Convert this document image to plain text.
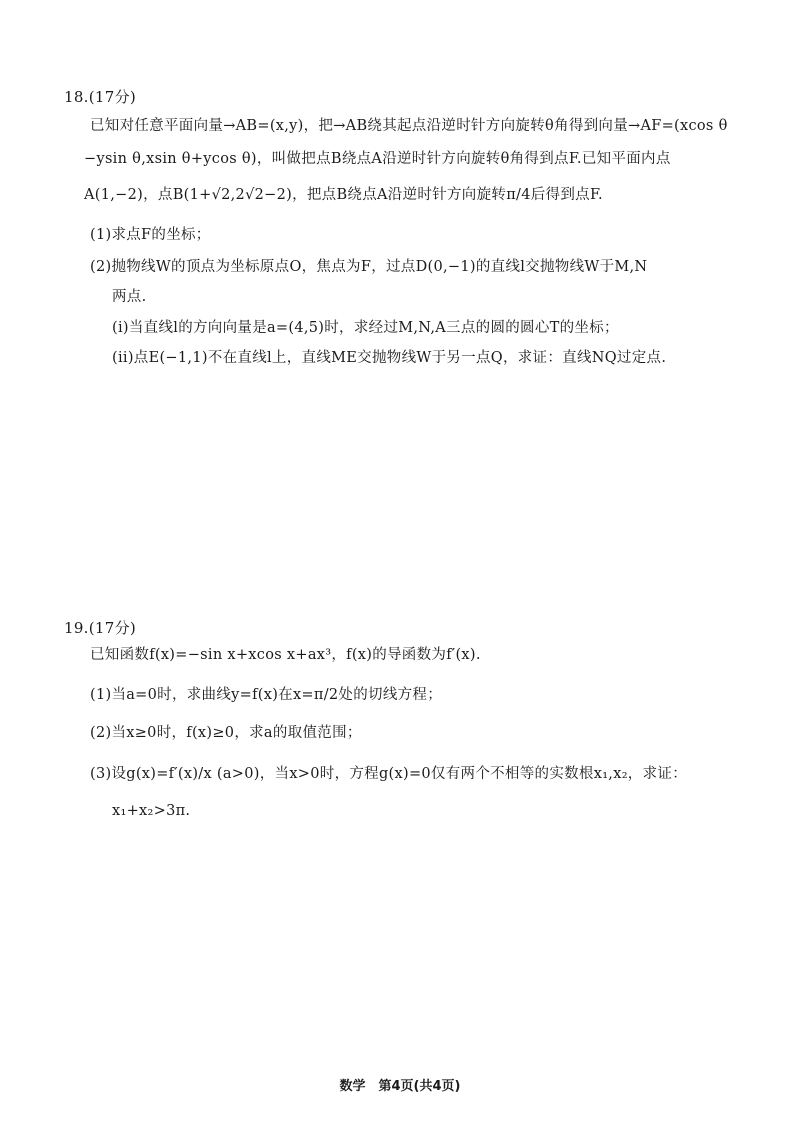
18.(17分)
已知对任意平面向量→AB=(x,y)，把→AB绕其起点沿逆时针方向旋转θ角得到向量→AF=(xcos θ
−ysin θ,xsin θ+ycos θ)，叫做把点B绕点A沿逆时针方向旋转θ角得到点F.已知平面内点
A(1,−2)，点B(1+√2,2√2−2)，把点B绕点A沿逆时针方向旋转π/4后得到点F.
(1)求点F的坐标；
(2)抛物线W的顶点为坐标原点O，焦点为F，过点D(0,−1)的直线l交抛物线W于M,N
两点.
(i)当直线l的方向向量是a=(4,5)时，求经过M,N,A三点的圆的圆心T的坐标；
(ii)点E(−1,1)不在直线l上，直线ME交抛物线W于另一点Q，求证：直线NQ过定点.
19.(17分)
已知函数f(x)=−sin x+xcos x+ax³，f(x)的导函数为f′(x).
(1)当a=0时，求曲线y=f(x)在x=π/2处的切线方程；
(2)当x≥0时，f(x)≥0，求a的取值范围；
(3)设g(x)=f′(x)/x (a>0)，当x>0时，方程g(x)=0仅有两个不相等的实数根x₁,x₂，求证：
x₁+x₂>3π.
数学　第4页(共4页)
